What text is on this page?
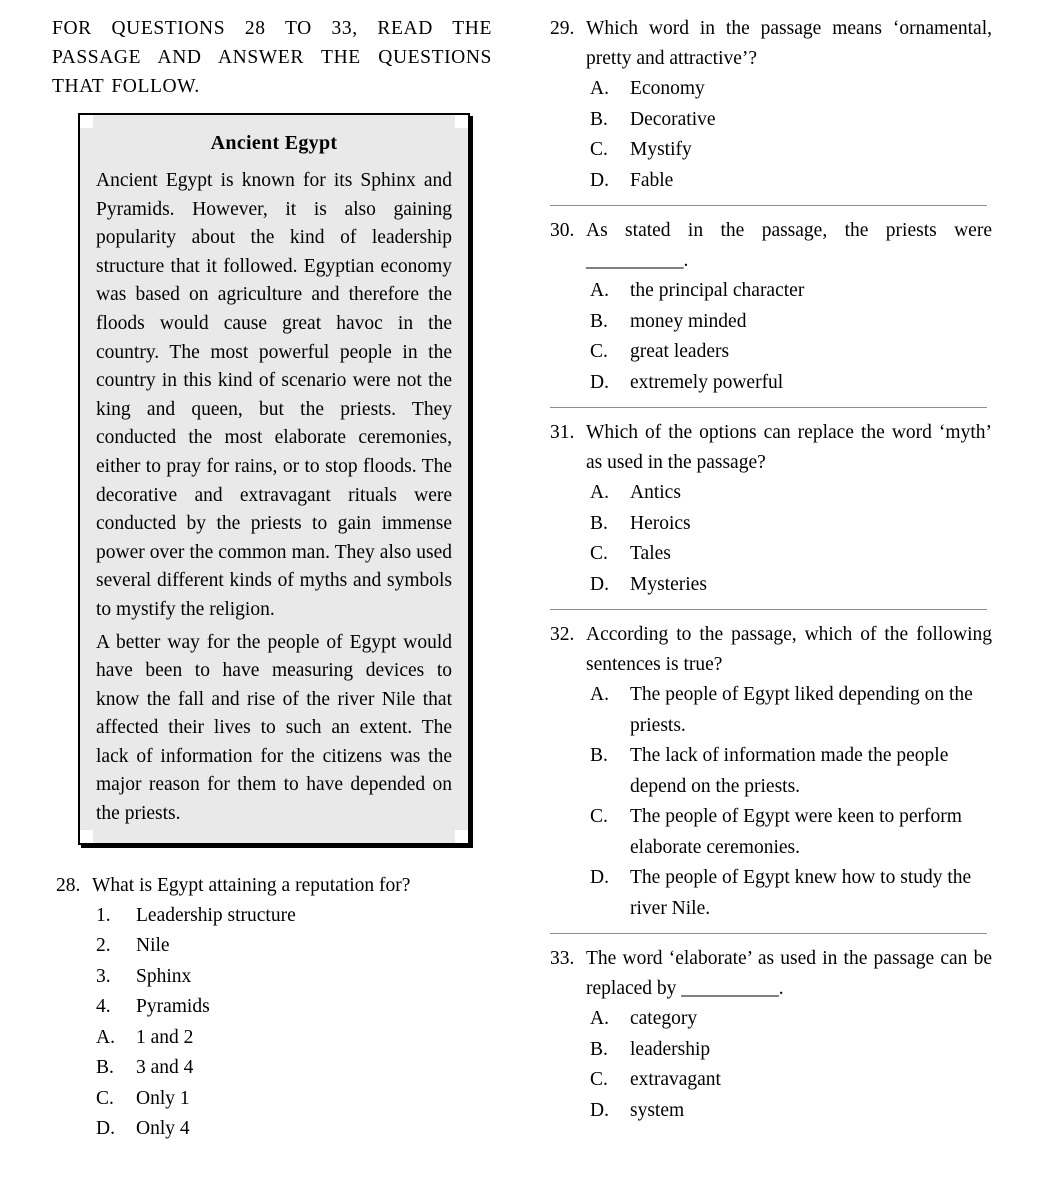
FOR QUESTIONS 28 TO 33, READ THE PASSAGE AND ANSWER THE QUESTIONS THAT FOLLOW.

Ancient Egypt

Ancient Egypt is known for its Sphinx and Pyramids. However, it is also gaining popularity about the kind of leadership structure that it followed. Egyptian economy was based on agriculture and therefore the floods would cause great havoc in the country. The most powerful people in the country in this kind of scenario were not the king and queen, but the priests. They conducted the most elaborate ceremonies, either to pray for rains, or to stop floods. The decorative and extravagant rituals were conducted by the priests to gain immense power over the common man. They also used several different kinds of myths and symbols to mystify the religion.

A better way for the people of Egypt would have been to have measuring devices to know the fall and rise of the river Nile that affected their lives to such an extent. The lack of information for the citizens was the major reason for them to have depended on the priests.

28. What is Egypt attaining a reputation for?
1.	Leadership structure
2.	Nile
3.	Sphinx
4.	Pyramids
A.	1 and 2
B.	3 and 4
C.	Only 1
D.	Only 4
29. Which word in the passage means ‘ornamental, pretty and attractive’?
A.	Economy
B.	Decorative
C.	Mystify
D.	Fable
30. As stated in the passage, the priests were __________.
A.	the principal character
B.	money minded
C.	great leaders
D.	extremely powerful
31. Which of the options can replace the word ‘myth’ as used in the passage?
A.	Antics
B.	Heroics
C.	Tales
D.	Mysteries
32. According to the passage, which of the following sentences is true?
A.	The people of Egypt liked depending on the priests.
B.	The lack of information made the people depend on the priests.
C.	The people of Egypt were keen to perform elaborate ceremonies.
D.	The people of Egypt knew how to study the river Nile.
33. The word ‘elaborate’ as used in the passage can be replaced by __________.
A.	category
B.	leadership
C.	extravagant
D.	system
